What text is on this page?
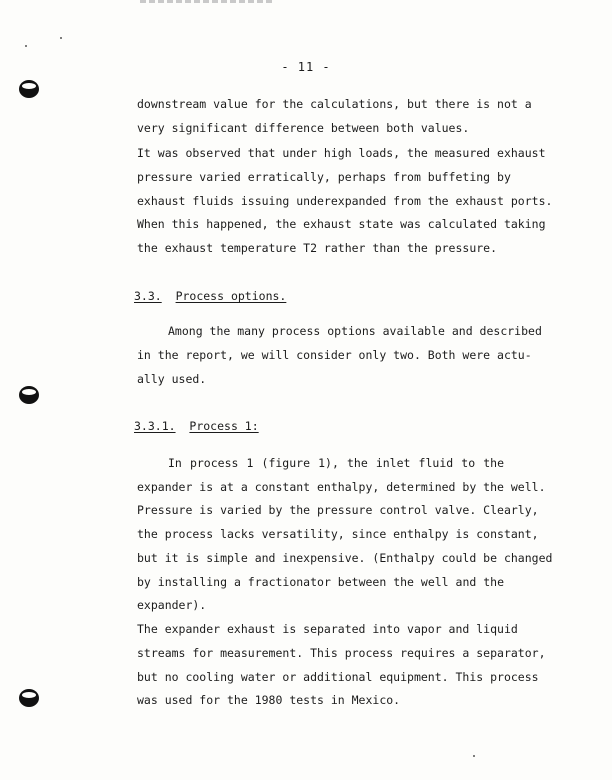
- 11 -
downstream value for the calculations, but there is not a
very significant difference between both values.
It was observed that under high loads, the measured exhaust
pressure varied erratically, perhaps from buffeting by
exhaust fluids issuing underexpanded from the exhaust ports.
When this happened, the exhaust state was calculated taking
the exhaust temperature T2 rather than the pressure.
3.3. Process options.
Among the many process options available and described
in the report, we will consider only two. Both were actu-
ally used.
3.3.1. Process 1:
In process 1 (figure 1), the inlet fluid to the
expander is at a constant enthalpy, determined by the well.
Pressure is varied by the pressure control valve. Clearly,
the process lacks versatility, since enthalpy is constant,
but it is simple and inexpensive. (Enthalpy could be changed
by installing a fractionator between the well and the
expander).
The expander exhaust is separated into vapor and liquid
streams for measurement. This process requires a separator,
but no cooling water or additional equipment. This process
was used for the 1980 tests in Mexico.
